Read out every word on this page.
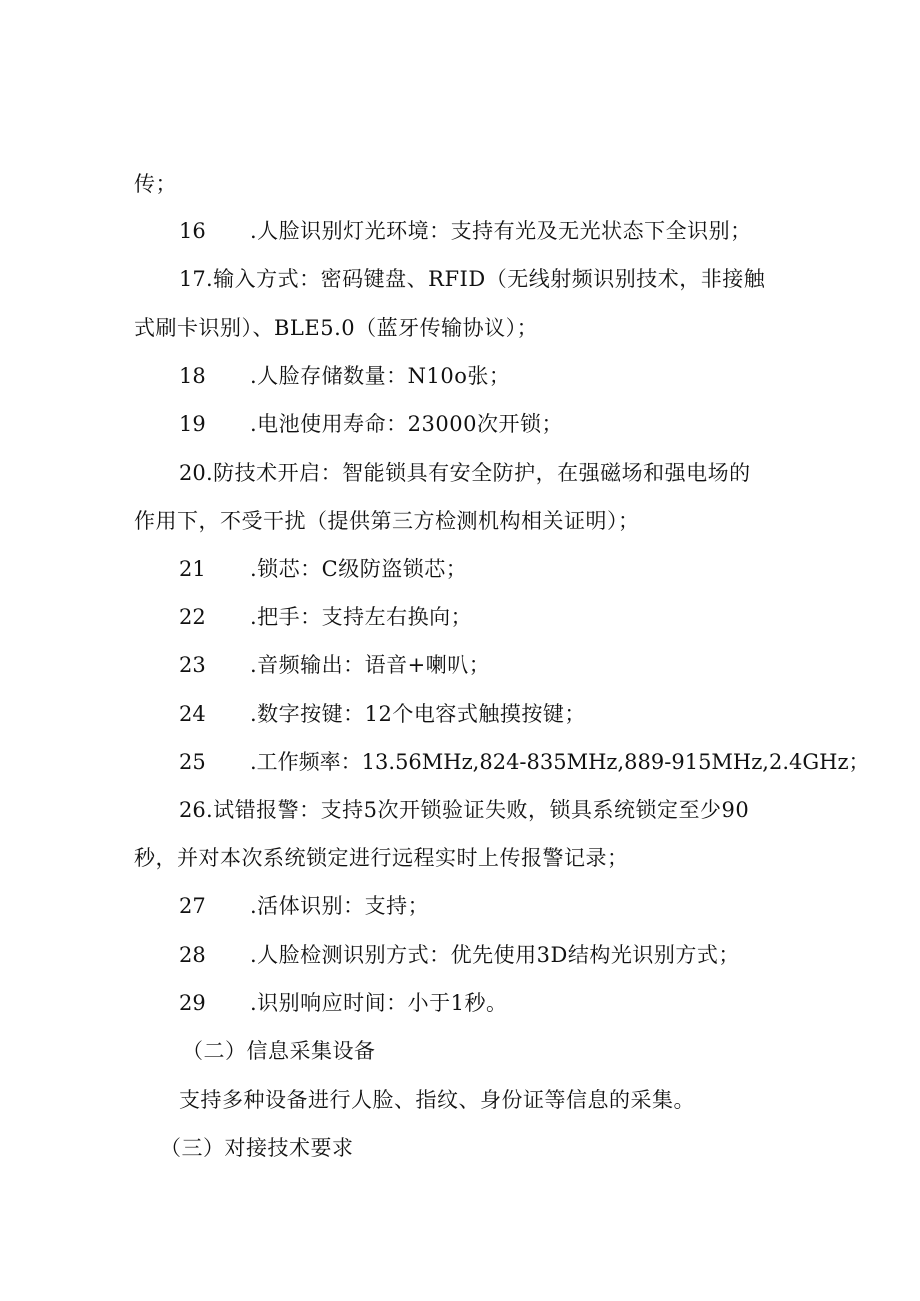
传；
16 .人脸识别灯光环境：支持有光及无光状态下全识别；
17 .输入方式：密码键盘、RFID（无线射频识别技术，非接触
式刷卡识别）、BLE5.0（蓝牙传输协议）；
18 .人脸存储数量：N10o张；
19 .电池使用寿命：23000次开锁；
20 .防技术开启：智能锁具有安全防护，在强磁场和强电场的
作用下，不受干扰（提供第三方检测机构相关证明）；
21 .锁芯：C级防盗锁芯；
22 .把手：支持左右换向；
23 .音频输出：语音+喇叭；
24 .数字按键：12个电容式触摸按键；
25 .工作频率：13.56MHz,824-835MHz,889-915MHz,2.4GHz；
26 .试错报警：支持5次开锁验证失败，锁具系统锁定至少90
秒，并对本次系统锁定进行远程实时上传报警记录；
27 .活体识别：支持；
28 .人脸检测识别方式：优先使用3D结构光识别方式；
29 .识别响应时间：小于1秒。
（二）信息采集设备
支持多种设备进行人脸、指纹、身份证等信息的采集。
（三）对接技术要求
